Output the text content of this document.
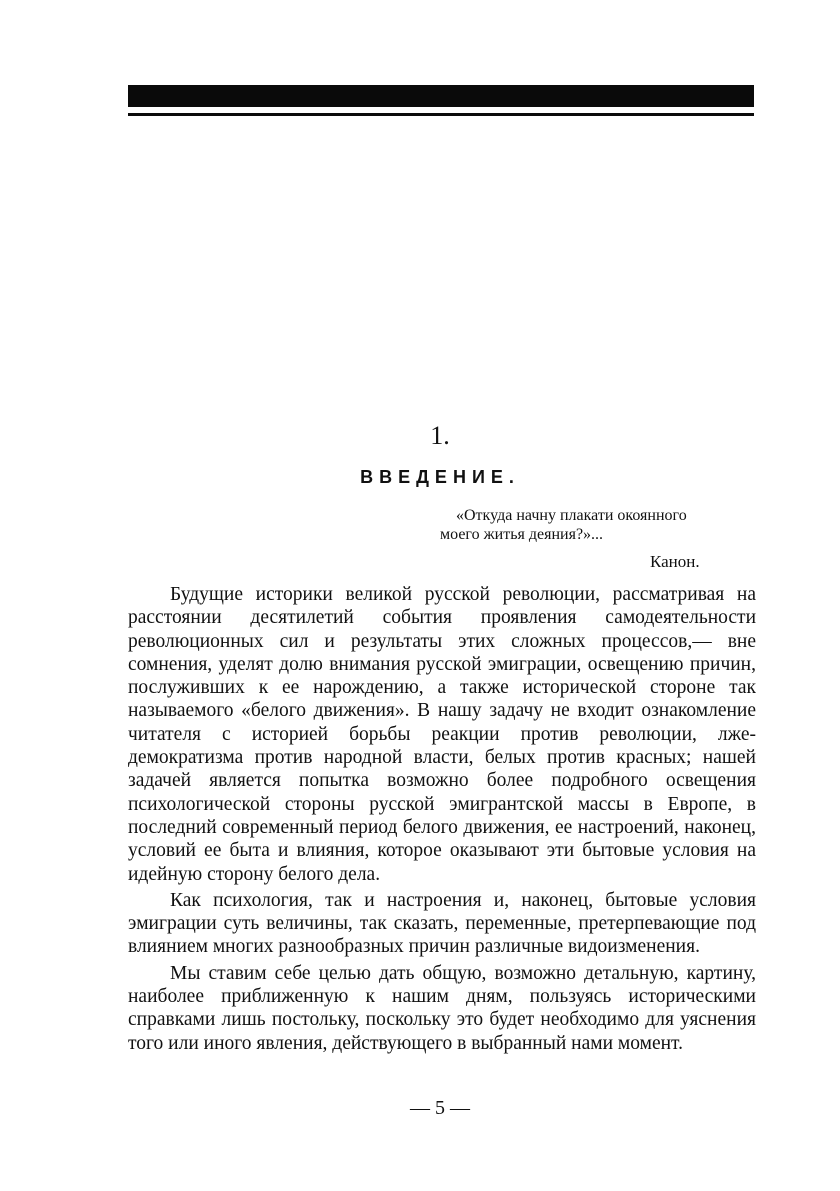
1.
ВВЕДЕНИЕ.
«Откуда начну плакати окоянного
моего житья деяния?»...
Канон.

Будущие историки великой русской революции, рассматривая на расстоянии десятилетий события проявления самодеятельности революционных сил и результаты этих сложных процессов,— вне сомнения, уделят долю внимания русской эмиграции, освещению причин, послуживших к ее нарождению, а также исторической стороне так называемого «белого движения». В нашу задачу не входит ознакомление читателя с историей борьбы реакции против революции, лже-демократизма против народной власти, белых против красных; нашей задачей является попытка возможно более подробного освещения психологической стороны русской эмигрантской массы в Европе, в последний современный период белого движения, ее настроений, наконец, условий ее быта и влияния, которое оказывают эти бытовые условия на идейную сторону белого дела.

Как психология, так и настроения и, наконец, бытовые условия эмиграции суть величины, так сказать, переменные, претерпевающие под влиянием многих разнообразных причин различные видоизменения.

Мы ставим себе целью дать общую, возможно детальную, картину, наиболее приближенную к нашим дням, пользуясь историческими справками лишь постольку, поскольку это будет необходимо для уяснения того или иного явления, действующего в выбранный нами момент.

— 5 —
